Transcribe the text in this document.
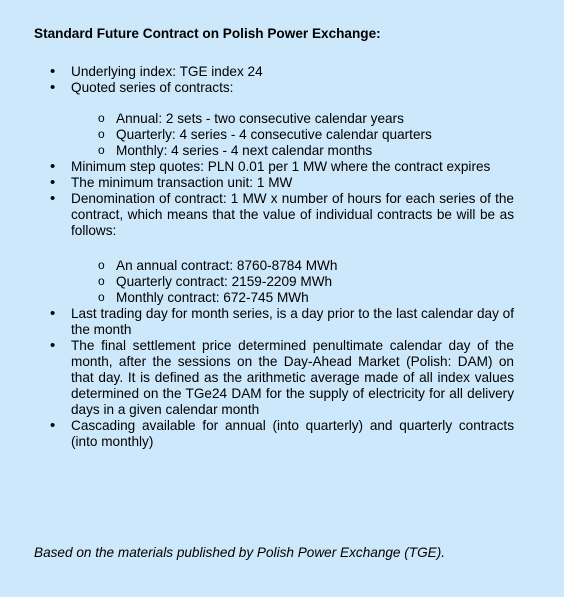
Standard Future Contract on Polish Power Exchange:
• Underlying index: TGE index 24
• Quoted series of contracts:
o Annual: 2 sets - two consecutive calendar years
o Quarterly: 4 series - 4 consecutive calendar quarters
o Monthly: 4 series - 4 next calendar months
• Minimum step quotes: PLN 0.01 per 1 MW where the contract expires
• The minimum transaction unit: 1 MW
• Denomination of contract: 1 MW x number of hours for each series of the contract, which means that the value of individual contracts be will be as follows:
o An annual contract: 8760-8784 MWh
o Quarterly contract: 2159-2209 MWh
o Monthly contract: 672-745 MWh
• Last trading day for month series, is a day prior to the last calendar day of the month
• The final settlement price determined penultimate calendar day of the month, after the sessions on the Day-Ahead Market (Polish: DAM) on that day. It is defined as the arithmetic average made of all index values determined on the TGe24 DAM for the supply of electricity for all delivery days in a given calendar month
• Cascading available for annual (into quarterly) and quarterly contracts (into monthly)
Based on the materials published by Polish Power Exchange (TGE).
